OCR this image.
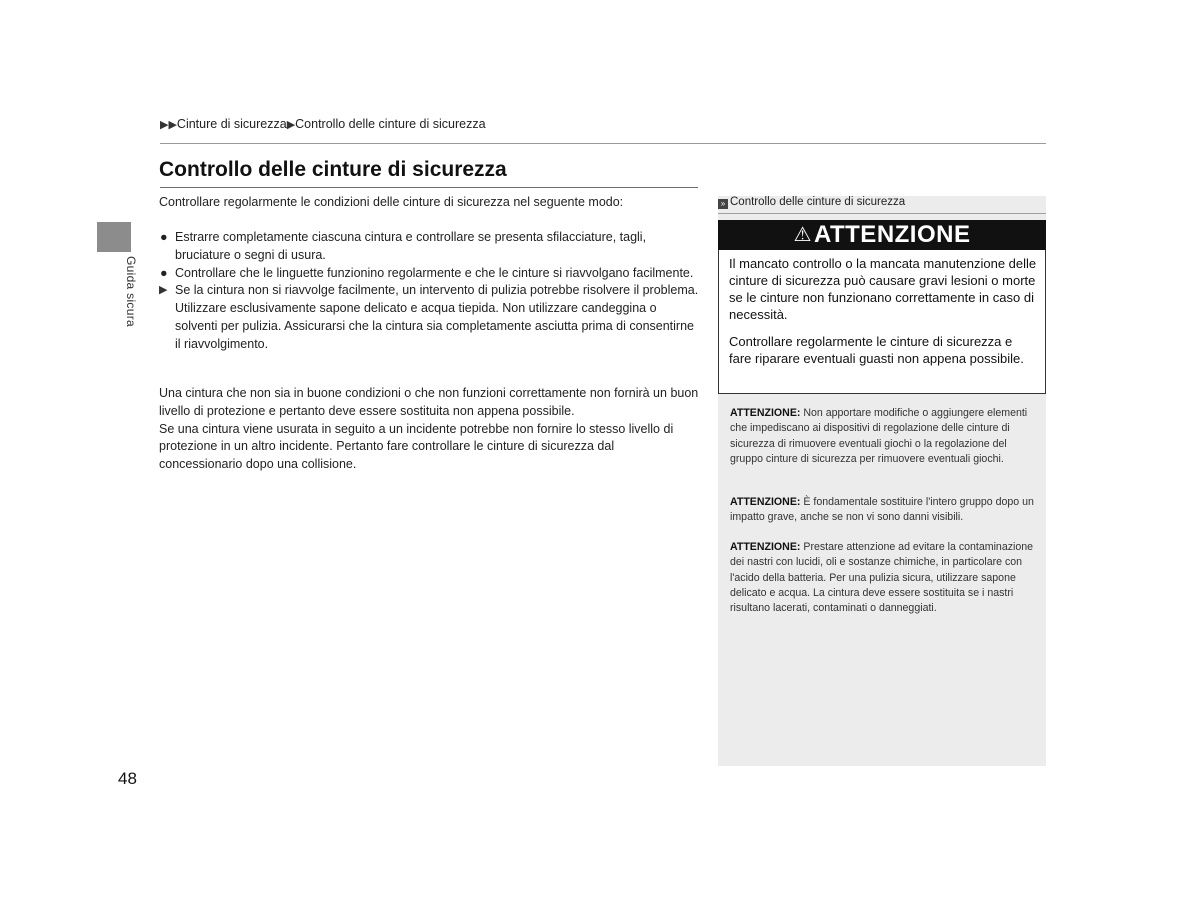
▶▶Cinture di sicurezza▶Controllo delle cinture di sicurezza
Controllo delle cinture di sicurezza
Guida sicura
Controllare regolarmente le condizioni delle cinture di sicurezza nel seguente modo:
● Estrarre completamente ciascuna cintura e controllare se presenta sfilacciature, tagli, bruciature o segni di usura.
● Controllare che le linguette funzionino regolarmente e che le cinture si riavvolgano facilmente.
▶ Se la cintura non si riavvolge facilmente, un intervento di pulizia potrebbe risolvere il problema. Utilizzare esclusivamente sapone delicato e acqua tiepida. Non utilizzare candeggina o solventi per pulizia. Assicurarsi che la cintura sia completamente asciutta prima di consentirne il riavvolgimento.
Una cintura che non sia in buone condizioni o che non funzioni correttamente non fornirà un buon livello di protezione e pertanto deve essere sostituita non appena possibile.
Se una cintura viene usurata in seguito a un incidente potrebbe non fornire lo stesso livello di protezione in un altro incidente. Pertanto fare controllare le cinture di sicurezza dal concessionario dopo una collisione.
» Controllo delle cinture di sicurezza
⚠ATTENZIONE
Il mancato controllo o la mancata manutenzione delle cinture di sicurezza può causare gravi lesioni o morte se le cinture non funzionano correttamente in caso di necessità.
Controllare regolarmente le cinture di sicurezza e fare riparare eventuali guasti non appena possibile.
ATTENZIONE: Non apportare modifiche o aggiungere elementi che impediscano ai dispositivi di regolazione delle cinture di sicurezza di rimuovere eventuali giochi o la regolazione del gruppo cinture di sicurezza per rimuovere eventuali giochi.
ATTENZIONE: È fondamentale sostituire l'intero gruppo dopo un impatto grave, anche se non vi sono danni visibili.
ATTENZIONE: Prestare attenzione ad evitare la contaminazione dei nastri con lucidi, oli e sostanze chimiche, in particolare con l'acido della batteria. Per una pulizia sicura, utilizzare sapone delicato e acqua. La cintura deve essere sostituita se i nastri risultano lacerati, contaminati o danneggiati.
48
